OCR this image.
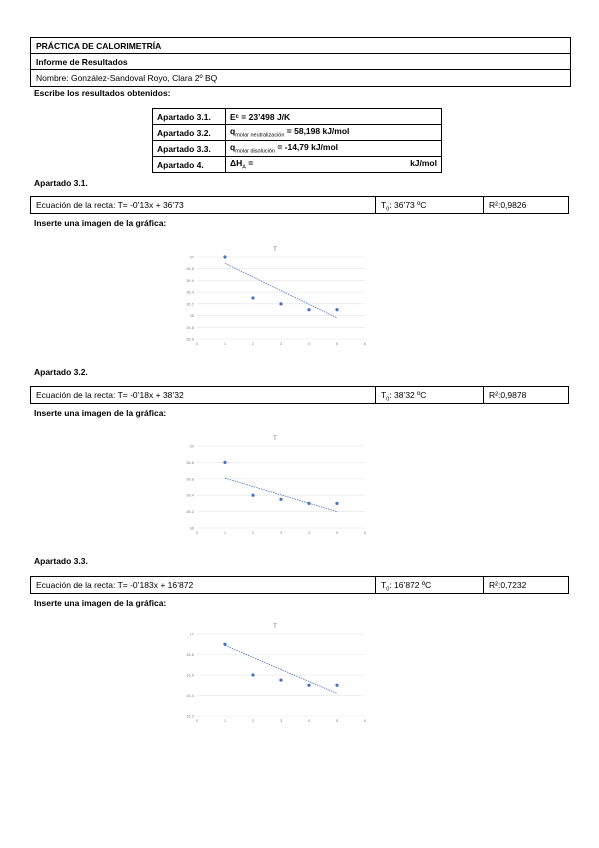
PRÁCTICA DE CALORIMETRÍA
Informe de Resultados
Nombre: González-Sandoval Royo, Clara 2º BQ
Escribe los resultados obtenidos:
Apartado 3.1.	Eᶜ = 23’498 J/K
Apartado 3.2.	$q_{molar neutralización} = 58,198$ kJ/mol
Apartado 3.3.	$q_{molar disolución} = -14,79$ kJ/mol
Apartado 4.	$\Delta H_A = kJ/mol$
Apartado 3.1.
Ecuación de la recta: T= -0’13x + 36’73	$T_0$: 36’73 ºC	R²:0,9826
Inserte una imagen de la gráfica:
T
37
36.8
36.6
36.4
36.2
36
35.8
35.6
0	1	2	3	4	5	6
Apartado 3.2.
Ecuación de la recta: T= -0’18x + 38’32	$T_0$: 38’32 ºC	R²:0,9878
Inserte una imagen de la gráfica:
T
39
38.8
38.6
38.4
38.2
38
0	1	2	3	4	5	6
Apartado 3.3.
Ecuación de la recta: T= -0’183x + 16’872	$T_0$: 16’872 ºC	R²:0,7232
Inserte una imagen de la gráfica:
T
17
16.8
16.6
16.4
16.2
0	1	2	3	4	5	6
